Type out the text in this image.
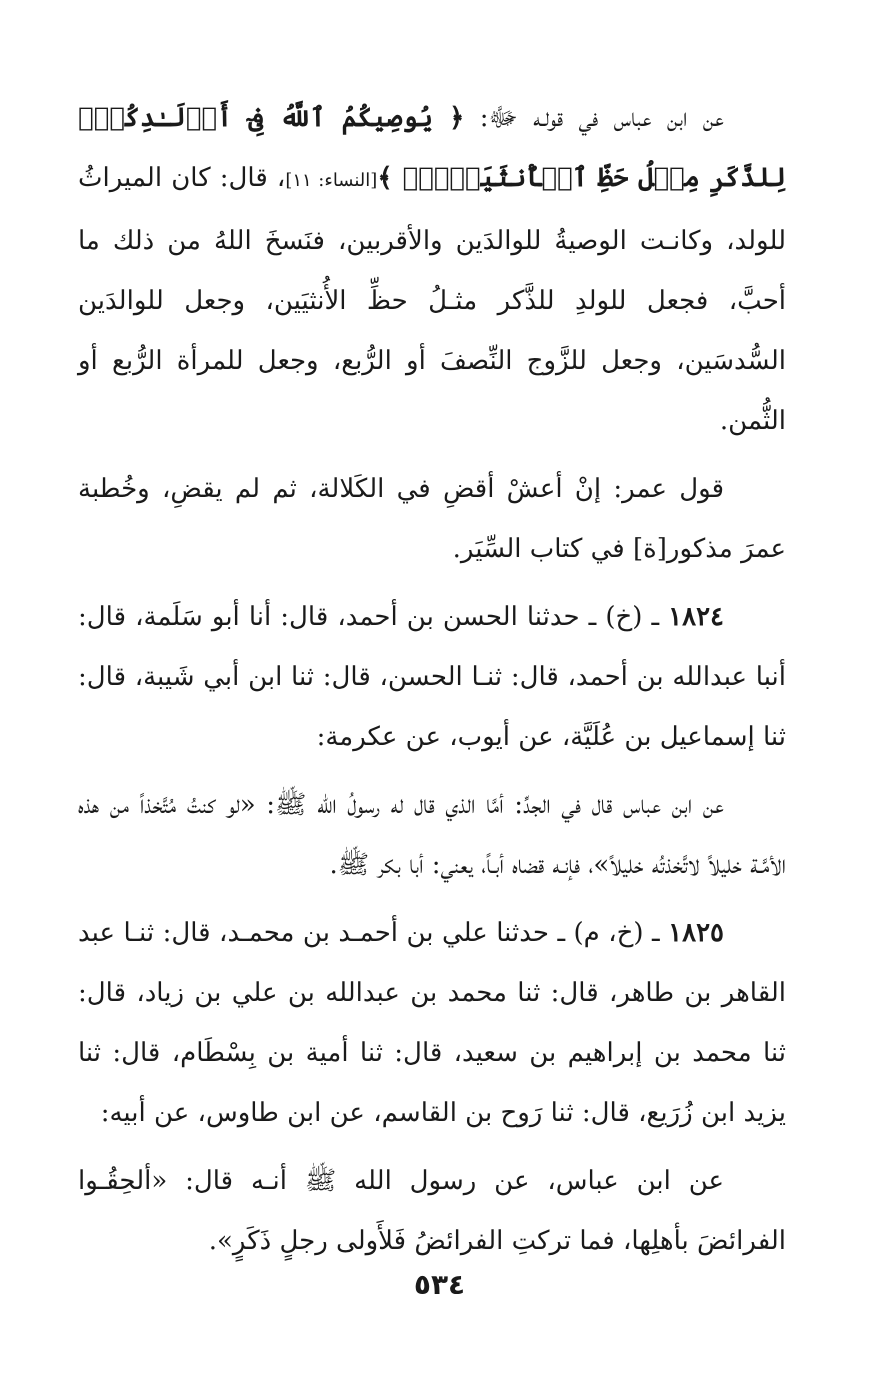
عن ابن عباس في قولـه ﷻ: ﴿ يُوصِيكُمُ ٱللَّهُ فِىٓ أَوۡلَـٰدِكُمۡۖ لِلذَّكَرِ مِثۡلُ حَظِّ ٱلۡأُنثَيَيۡنِۚ ﴾[النساء: ١١]، قال: كان الميراثُ للولد، وكانـت الوصيةُ للوالدَين والأقربين، فنَسخَ اللهُ من ذلك ما أحبَّ، فجعل للولدِ للذَّكر مثـلُ حظِّ الأُنثيَين، وجعل للوالدَين السُّدسَين، وجعل للزَّوج النِّصفَ أو الرُّبع، وجعل للمرأة الرُّبع أو الثُّمن.

قول عمر: إنْ أعشْ أقضِ في الكَلالة، ثم لم يقضِ، وخُطبة عمرَ مذكور[ة] في كتاب السِّيَر.

١٨٢٤ ـ (خ) ـ حدثنا الحسن بن أحمد، قال: أنا أبو سَلَمة، قال: أنبا عبدالله بن أحمد، قال: ثنـا الحسن، قال: ثنا ابن أبي شَيبة، قال: ثنا إسماعيل بن عُلَيَّة، عن أيوب، عن عكرمة:

عن ابن عباس قال في الجدِّ: أمَّا الذي قال له رسولُ الله ﷺ: «لو كنتُ مُتَّخذاً من هذه الأمَّـة خليلاً لاتَّخذتُه خليلاً»، فإنـه قضاه أبـاً، يعني: أبا بكر ﷺ.

١٨٢٥ ـ (خ، م) ـ حدثنا علي بن أحمـد بن محمـد، قال: ثنـا عبد القاهر بن طاهر، قال: ثنا محمد بن عبدالله بن علي بن زياد، قال: ثنا محمد بن إبراهيم بن سعيد، قال: ثنا أمية بن بِسْطَام، قال: ثنا يزيد ابن زُرَيع، قال: ثنا رَوح بن القاسم، عن ابن طاوس، عن أبيه:

عن ابن عباس، عن رسول الله ﷺ أنـه قال: «ألحِقُـوا الفرائضَ بأهلِها، فما تركتِ الفرائضُ فَلأَولى رجلٍ ذَكَرٍ».

٥٣٤
